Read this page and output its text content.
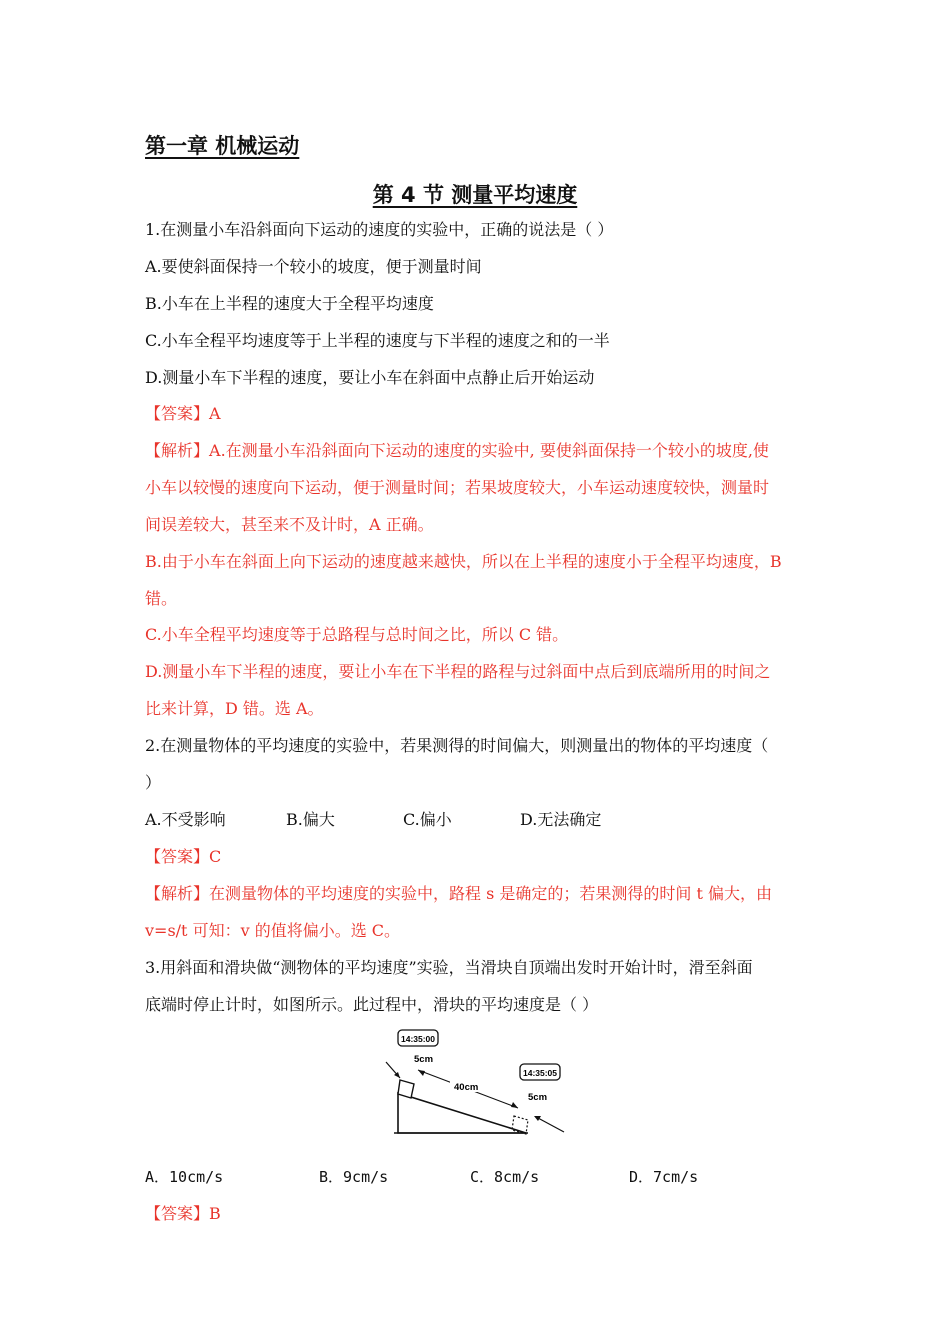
第一章 机械运动
第 4 节 测量平均速度
1.在测量小车沿斜面向下运动的速度的实验中，正确的说法是（ ）
A.要使斜面保持一个较小的坡度，便于测量时间
B.小车在上半程的速度大于全程平均速度
C.小车全程平均速度等于上半程的速度与下半程的速度之和的一半
D.测量小车下半程的速度，要让小车在斜面中点静止后开始运动
【答案】A
【解析】A.在测量小车沿斜面向下运动的速度的实验中, 要使斜面保持一个较小的坡度,使
小车以较慢的速度向下运动，便于测量时间；若果坡度较大，小车运动速度较快，测量时
间误差较大，甚至来不及计时，A 正确。
B.由于小车在斜面上向下运动的速度越来越快，所以在上半程的速度小于全程平均速度，B
错。
C.小车全程平均速度等于总路程与总时间之比，所以 C 错。
D.测量小车下半程的速度，要让小车在下半程的路程与过斜面中点后到底端所用的时间之
比来计算，D 错。选 A。
2.在测量物体的平均速度的实验中，若果测得的时间偏大，则测量出的物体的平均速度（
）
A.不受影响	B.偏大	C.偏小	D.无法确定
【答案】C
【解析】在测量物体的平均速度的实验中，路程 s 是确定的；若果测得的时间 t 偏大，由
v=s/t 可知：v 的值将偏小。选 C。
3.用斜面和滑块做“测物体的平均速度”实验，当滑块自顶端出发时开始计时，滑至斜面
底端时停止计时，如图所示。此过程中，滑块的平均速度是（ ）
14:35:00
14:35:05
5cm
40cm
5cm
A．10cm/s	B．9cm/s	C．8cm/s	D．7cm/s
【答案】B
